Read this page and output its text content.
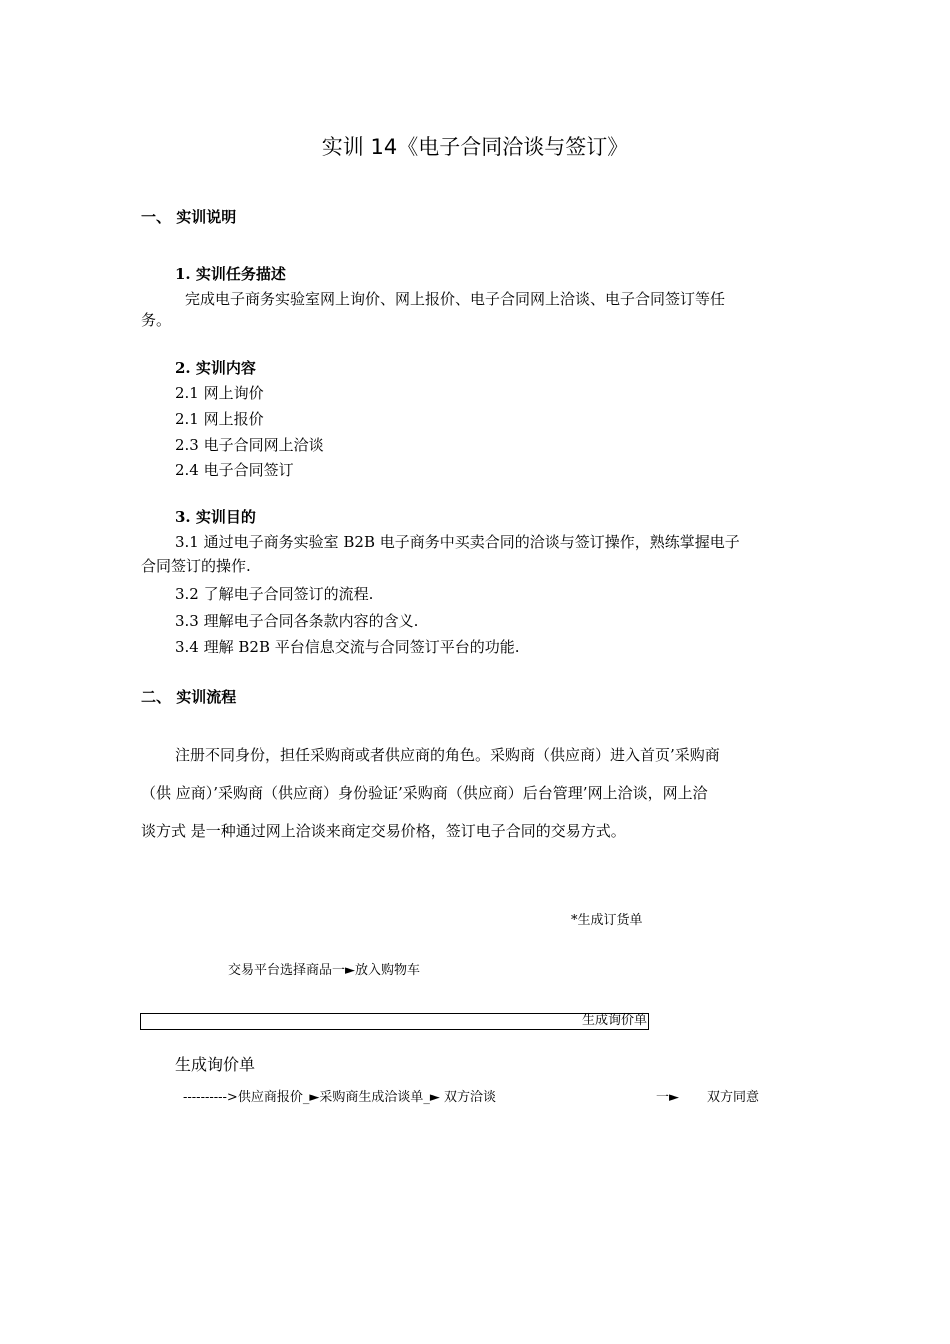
实训 14《电子合同洽谈与签订》
一、 实训说明
1. 实训任务描述
完成电子商务实验室网上询价、网上报价、电子合同网上洽谈、电子合同签订等任
务。
2. 实训内容
2.1 网上询价
2.1 网上报价
2.3 电子合同网上洽谈
2.4 电子合同签订
3. 实训目的
3.1 通过电子商务实验室 B2B 电子商务中买卖合同的洽谈与签订操作，熟练掌握电子
合同签订的操作.
3.2 了解电子合同签订的流程.
3.3 理解电子合同各条款内容的含义.
3.4 理解 B2B 平台信息交流与合同签订平台的功能.
二、 实训流程
注册不同身份，担任采购商或者供应商的角色。采购商（供应商）进入首页’采购商
（供 应商）’采购商（供应商）身份验证’采购商（供应商）后台管理’网上洽谈，网上洽
谈方式 是一种通过网上洽谈来商定交易价格，签订电子合同的交易方式。
*生成订货单
交易平台选择商品一►放入购物车
生成询价单
生成询价单
---------->供应商报价_►采购商生成洽谈单_► 双方洽谈	一► 双方同意
